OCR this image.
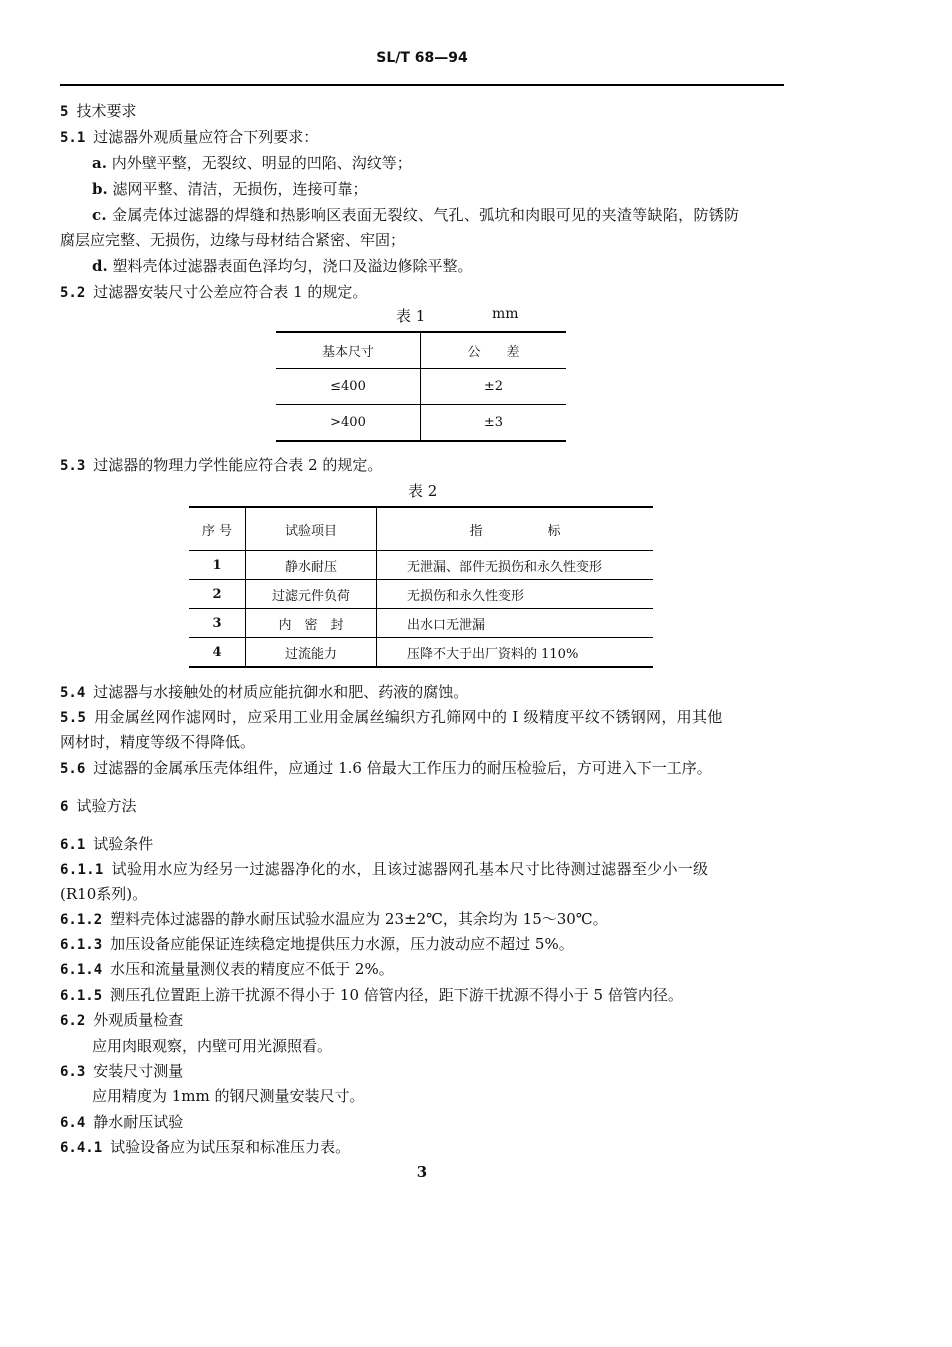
SL/T 68—94
5 技术要求
5.1 过滤器外观质量应符合下列要求：
a. 内外壁平整，无裂纹、明显的凹陷、沟纹等；
b. 滤网平整、清洁，无损伤，连接可靠；
c. 金属壳体过滤器的焊缝和热影响区表面无裂纹、气孔、弧坑和肉眼可见的夹渣等缺陷，防锈防
腐层应完整、无损伤，边缘与母材结合紧密、牢固；
d. 塑料壳体过滤器表面色泽均匀，浇口及溢边修除平整。
5.2 过滤器安装尺寸公差应符合表 1 的规定。
表 1	mm
基本尺寸	公　　差
≤400	±2
>400	±3
5.3 过滤器的物理力学性能应符合表 2 的规定。
表 2
序 号	试验项目	指　　　　　标
1	静水耐压	无泄漏、部件无损伤和永久性变形
2	过滤元件负荷	无损伤和永久性变形
3	内　密　封	出水口无泄漏
4	过流能力	压降不大于出厂资料的 110%
5.4 过滤器与水接触处的材质应能抗御水和肥、药液的腐蚀。
5.5 用金属丝网作滤网时，应采用工业用金属丝编织方孔筛网中的 I 级精度平纹不锈钢网，用其他
网材时，精度等级不得降低。
5.6 过滤器的金属承压壳体组件，应通过 1.6 倍最大工作压力的耐压检验后，方可进入下一工序。
6 试验方法
6.1 试验条件
6.1.1 试验用水应为经另一过滤器净化的水，且该过滤器网孔基本尺寸比待测过滤器至少小一级
(R10系列)。
6.1.2 塑料壳体过滤器的静水耐压试验水温应为 23±2℃，其余均为 15～30℃。
6.1.3 加压设备应能保证连续稳定地提供压力水源，压力波动应不超过 5%。
6.1.4 水压和流量量测仪表的精度应不低于 2%。
6.1.5 测压孔位置距上游干扰源不得小于 10 倍管内径，距下游干扰源不得小于 5 倍管内径。
6.2 外观质量检查
应用肉眼观察，内壁可用光源照看。
6.3 安装尺寸测量
应用精度为 1mm 的钢尺测量安装尺寸。
6.4 静水耐压试验
6.4.1 试验设备应为试压泵和标准压力表。
3
